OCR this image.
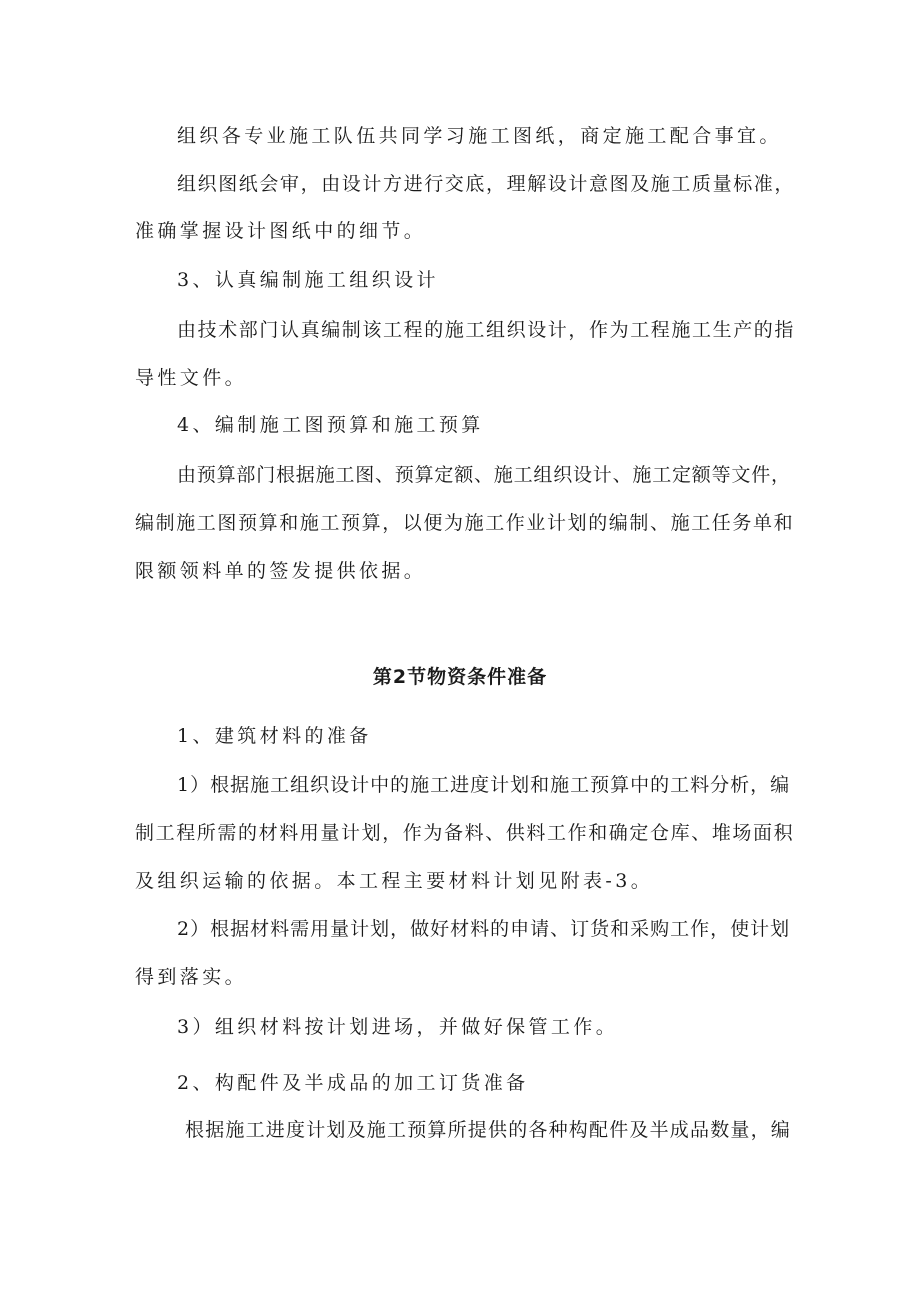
组织各专业施工队伍共同学习施工图纸，商定施工配合事宜。
组织图纸会审，由设计方进行交底，理解设计意图及施工质量标准，
准确掌握设计图纸中的细节。
3、认真编制施工组织设计
由技术部门认真编制该工程的施工组织设计，作为工程施工生产的指
导性文件。
4、编制施工图预算和施工预算
由预算部门根据施工图、预算定额、施工组织设计、施工定额等文件，
编制施工图预算和施工预算，以便为施工作业计划的编制、施工任务单和
限额领料单的签发提供依据。
第2节物资条件准备
1、建筑材料的准备
1）根据施工组织设计中的施工进度计划和施工预算中的工料分析，编
制工程所需的材料用量计划，作为备料、供料工作和确定仓库、堆场面积
及组织运输的依据。本工程主要材料计划见附表-3。
2）根据材料需用量计划，做好材料的申请、订货和采购工作，使计划
得到落实。
3）组织材料按计划进场，并做好保管工作。
2、构配件及半成品的加工订货准备
根据施工进度计划及施工预算所提供的各种构配件及半成品数量，编
